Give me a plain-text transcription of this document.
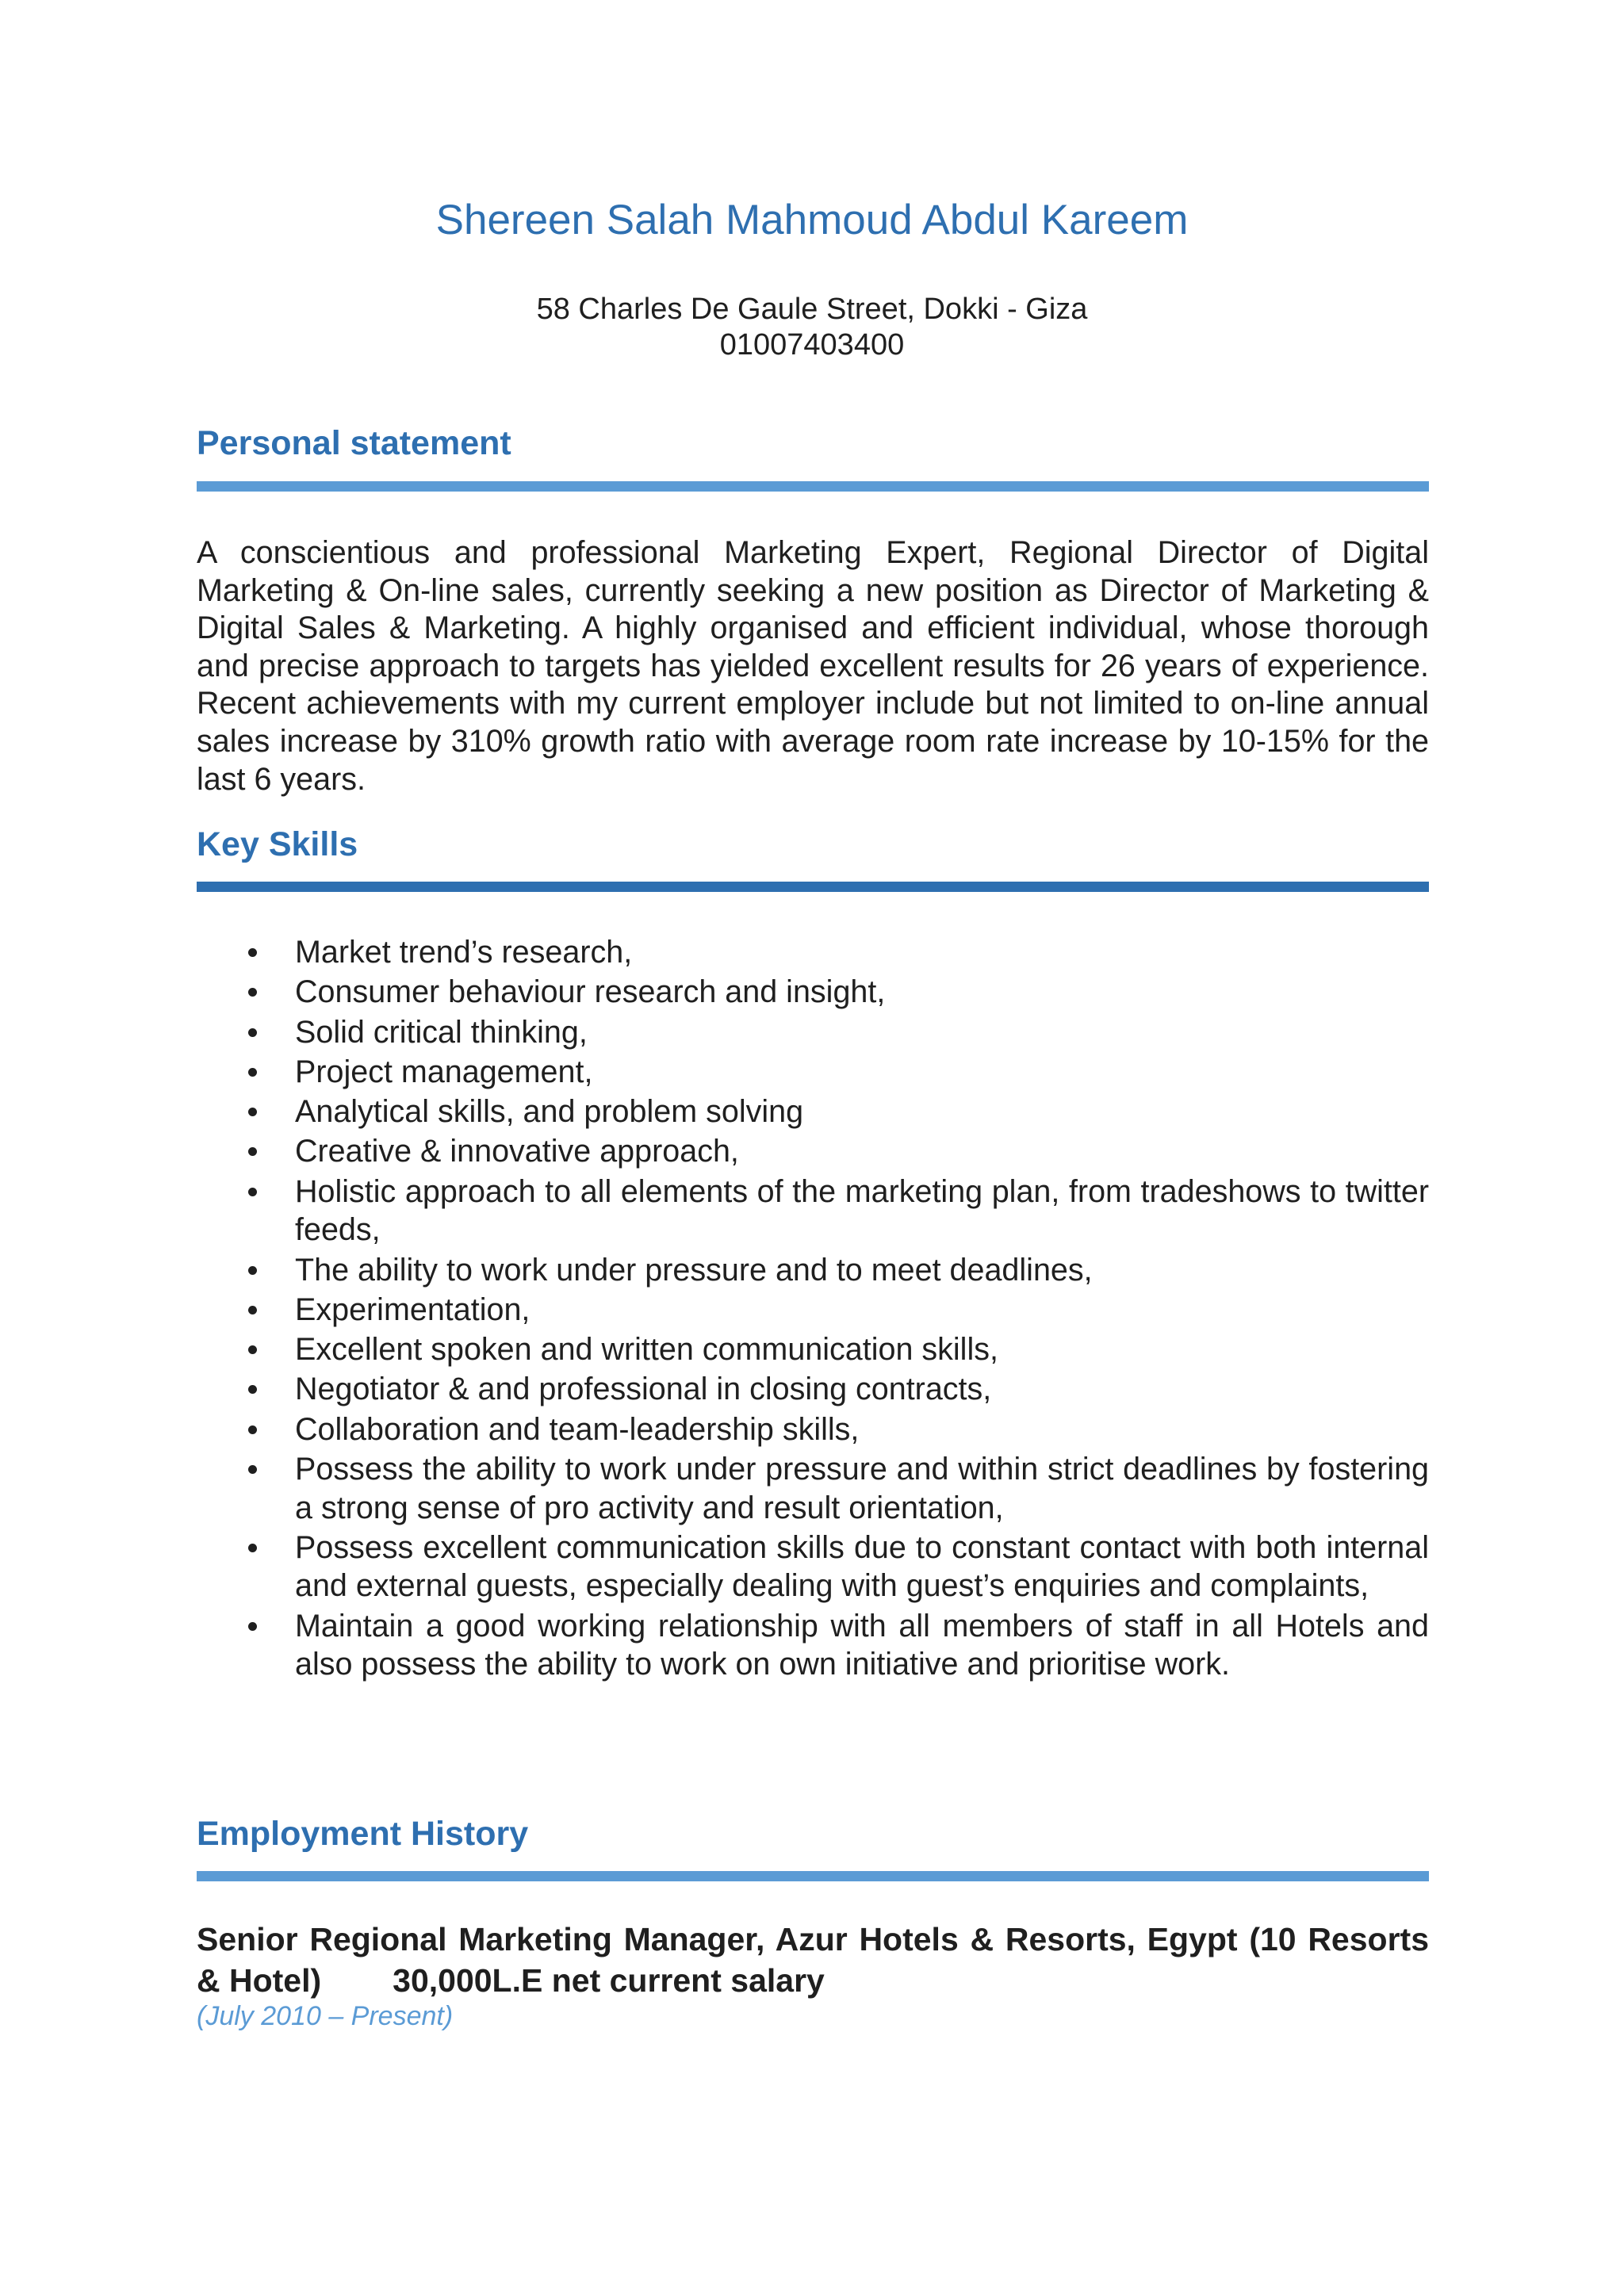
Shereen Salah Mahmoud Abdul Kareem
58 Charles De Gaule Street, Dokki - Giza
01007403400
Personal statement
A conscientious and professional Marketing Expert, Regional Director of Digital Marketing & On-line sales, currently seeking a new position as Director of Marketing & Digital Sales & Marketing. A highly organised and efficient individual, whose thorough and precise approach to targets has yielded excellent results for 26 years of experience. Recent achievements with my current employer include but not limited to on-line annual sales increase by 310% growth ratio with average room rate increase by 10-15% for the last 6 years.
Key Skills
Market trend’s research,
Consumer behaviour research and insight,
Solid critical thinking,
Project management,
Analytical skills, and problem solving
Creative & innovative approach,
Holistic approach to all elements of the marketing plan, from tradeshows to twitter feeds,
The ability to work under pressure and to meet deadlines,
Experimentation,
Excellent spoken and written communication skills,
Negotiator & and professional in closing contracts,
Collaboration and team-leadership skills,
Possess the ability to work under pressure and within strict deadlines by fostering a strong sense of pro activity and result orientation,
Possess excellent communication skills due to constant contact with both internal and external guests, especially dealing with guest’s enquiries and complaints,
Maintain a good working relationship with all members of staff in all Hotels and also possess the ability to work on own initiative and prioritise work.
Employment History
Senior Regional Marketing Manager, Azur Hotels & Resorts, Egypt (10 Resorts & Hotel) 30,000L.E net current salary
(July 2010 – Present)
